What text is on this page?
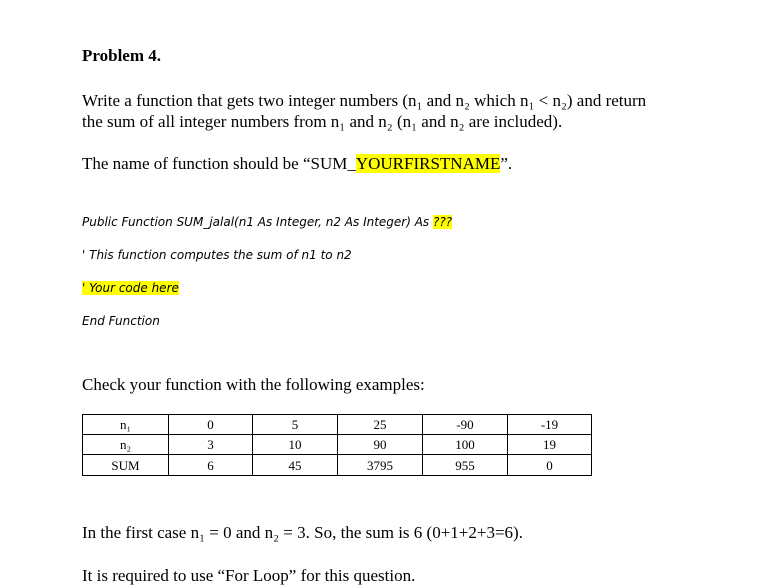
Problem 4.
Write a function that gets two integer numbers (n₁ and n₂ which n₁ < n₂) and return
the sum of all integer numbers from n₁ and n₂ (n₁ and n₂ are included).
The name of function should be “SUM_YOURFIRSTNAME”.
Public Function SUM_jalal(n1 As Integer, n2 As Integer) As ???
' This function computes the sum of n1 to n2
' Your code here
End Function
Check your function with the following examples:
n₁	0	5	25	-90	-19
n₂	3	10	90	100	19
SUM	6	45	3795	955	0
In the first case n₁ = 0 and n₂ = 3. So, the sum is 6 (0+1+2+3=6).
It is required to use “For Loop” for this question.
